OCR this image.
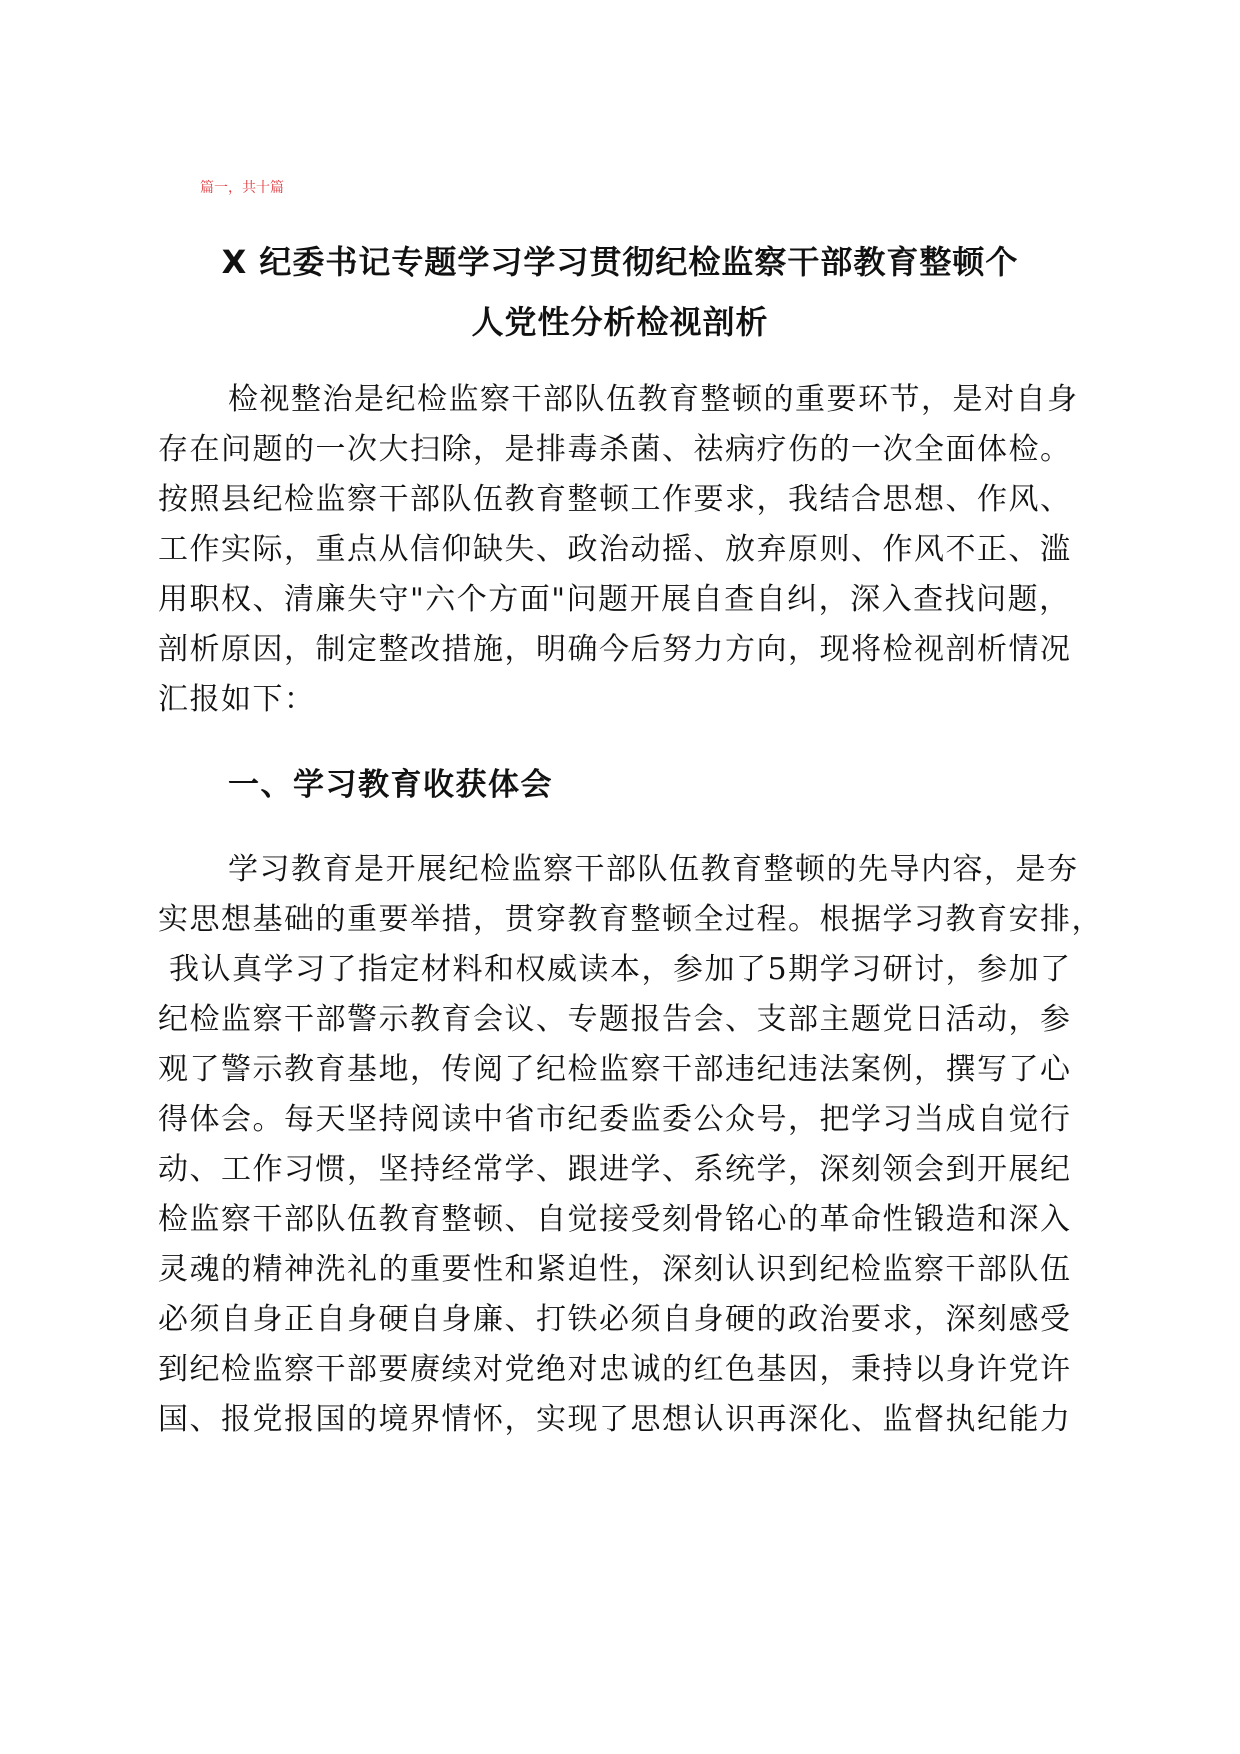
篇一，共十篇
X 纪委书记专题学习学习贯彻纪检监察干部教育整顿个
人党性分析检视剖析
检视整治是纪检监察干部队伍教育整顿的重要环节，是对自身
存在问题的一次大扫除，是排毒杀菌、祛病疗伤的一次全面体检。
按照县纪检监察干部队伍教育整顿工作要求，我结合思想、作风、
工作实际，重点从信仰缺失、政治动摇、放弃原则、作风不正、滥
用职权、清廉失守"六个方面"问题开展自查自纠，深入查找问题，
剖析原因，制定整改措施，明确今后努力方向，现将检视剖析情况
汇报如下：
一、学习教育收获体会
学习教育是开展纪检监察干部队伍教育整顿的先导内容，是夯
实思想基础的重要举措，贯穿教育整顿全过程。根据学习教育安排，
我认真学习了指定材料和权威读本，参加了5期学习研讨，参加了
纪检监察干部警示教育会议、专题报告会、支部主题党日活动，参
观了警示教育基地，传阅了纪检监察干部违纪违法案例，撰写了心
得体会。每天坚持阅读中省市纪委监委公众号，把学习当成自觉行
动、工作习惯，坚持经常学、跟进学、系统学，深刻领会到开展纪
检监察干部队伍教育整顿、自觉接受刻骨铭心的革命性锻造和深入
灵魂的精神洗礼的重要性和紧迫性，深刻认识到纪检监察干部队伍
必须自身正自身硬自身廉、打铁必须自身硬的政治要求，深刻感受
到纪检监察干部要赓续对党绝对忠诚的红色基因，秉持以身许党许
国、报党报国的境界情怀，实现了思想认识再深化、监督执纪能力
